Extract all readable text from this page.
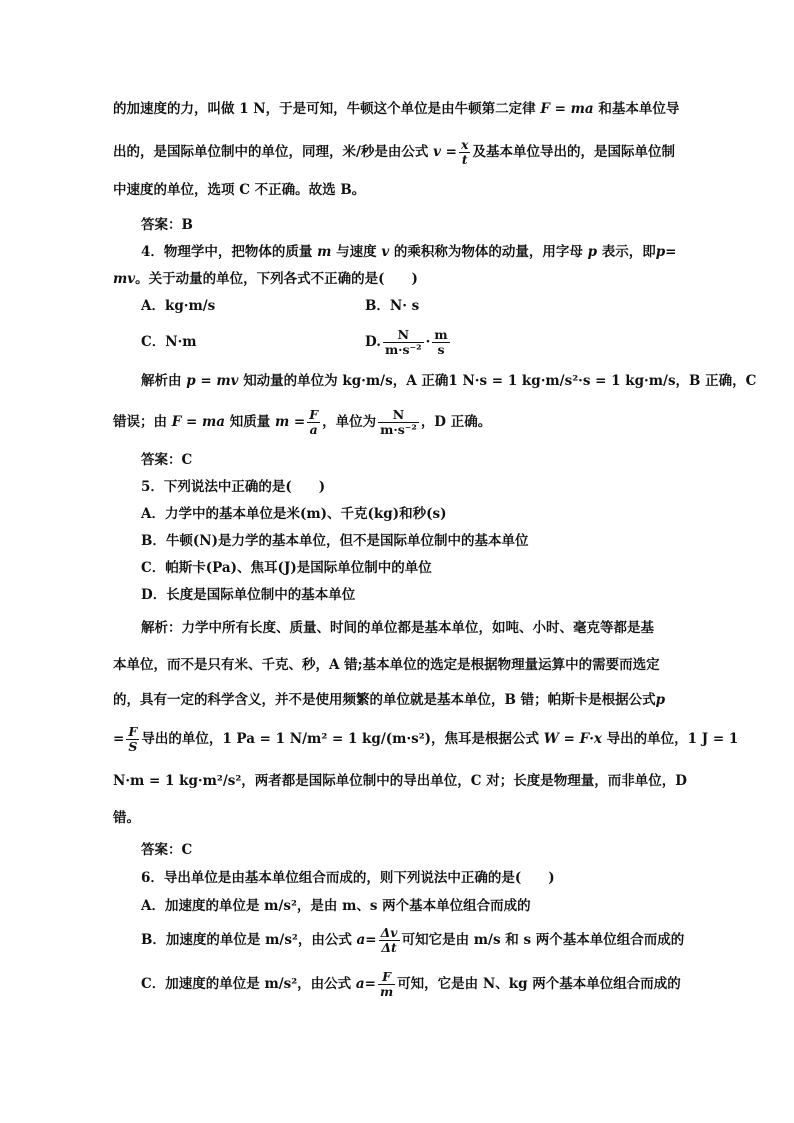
的加速度的力，叫做 1 N，于是可知，牛顿这个单位是由牛顿第二定律 F = ma 和基本单位导
出的，是国际单位制中的单位，同理，米/秒是由公式 $v = \frac{x}{t}$ 及基本单位导出的，是国际单位制
中速度的单位，选项 C 不正确。故选 B。
答案：B
4．物理学中，把物体的质量 m 与速度 v 的乘积称为物体的动量，用字母 p 表示，即p=
mv。关于动量的单位，下列各式不正确的是(　　)
A．kg·m/s	B．N· s
C．N·m	D. $\frac{N}{\text{m·s⁻²}} \cdot \frac{m}{s}$
解析由 p = mv 知动量的单位为 kg·m/s，A 正确1 N·s = 1 kg·m/s²·s = 1 kg·m/s，B 正确，C
错误；由 F = ma 知质量 $m = \frac{F}{a}$ ，单位为 $\frac{N}{\text{m·s⁻²}}$ ，D 正确。
答案：C
5．下列说法中正确的是(　　)
A．力学中的基本单位是米(m)、千克(kg)和秒(s)
B．牛顿(N)是力学的基本单位，但不是国际单位制中的基本单位
C．帕斯卡(Pa)、焦耳(J)是国际单位制中的单位
D．长度是国际单位制中的基本单位
解析：力学中所有长度、质量、时间的单位都是基本单位，如吨、小时、毫克等都是基
本单位，而不是只有米、千克、秒，A 错;基本单位的选定是根据物理量运算中的需要而选定
的，具有一定的科学含义，并不是使用频繁的单位就是基本单位，B 错；帕斯卡是根据公式p
= $\frac{F}{S}$ 导出的单位，1 Pa = 1 N/m² = 1 kg/(m·s²)，焦耳是根据公式 W = F·x 导出的单位，1 J = 1
N·m = 1 kg·m²/s²，两者都是国际单位制中的导出单位，C 对；长度是物理量，而非单位，D
错。
答案：C
6．导出单位是由基本单位组合而成的，则下列说法中正确的是(　　)
A．加速度的单位是 m/s²，是由 m、s 两个基本单位组合而成的
B．加速度的单位是 m/s²，由公式 $a= \frac{\Delta v}{\Delta t}$ 可知它是由 m/s 和 s 两个基本单位组合而成的
C．加速度的单位是 m/s²，由公式 $a= \frac{F}{m}$ 可知，它是由 N、kg 两个基本单位组合而成的
